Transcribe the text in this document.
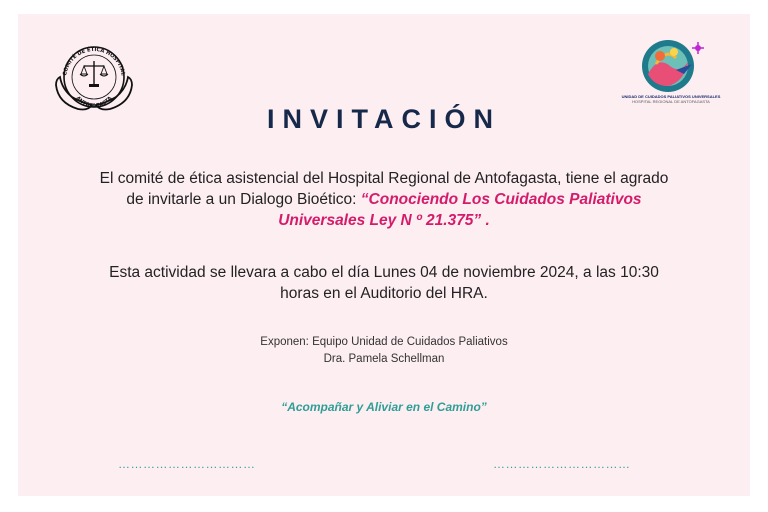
COMITÉ DE ÉTICA HOSPITAL
ANTOFAGASTA	UNIDAD DE CUIDADOS PALIATIVOS UNIVERSALES
HOSPITAL REGIONAL DE ANTOFAGASTA
INVITACIÓN
El comité de ética asistencial del Hospital Regional de Antofagasta, tiene el agrado de invitarle a un Dialogo Bioético: “Conociendo Los Cuidados Paliativos Universales Ley N º 21.375” .
Esta actividad se llevara a cabo el día Lunes 04 de noviembre 2024, a las 10:30 horas en el Auditorio del HRA.
Exponen: Equipo Unidad de Cuidados Paliativos
Dra. Pamela Schellman
“Acompañar y Aliviar en el Camino”
……………………………	……………………………
